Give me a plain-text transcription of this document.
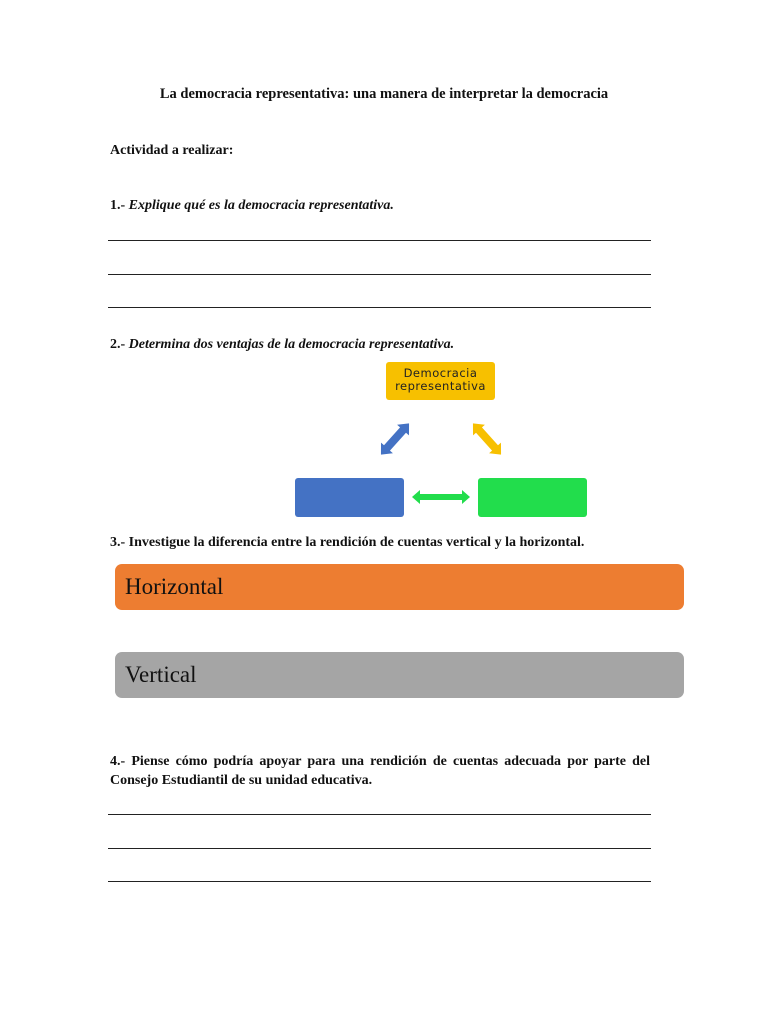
La democracia representativa: una manera de interpretar la democracia
Actividad a realizar:
1.- Explique qué es la democracia representativa.
2.- Determina dos ventajas de la democracia representativa.
Democracia
representativa
3.- Investigue la diferencia entre la rendición de cuentas vertical y la horizontal.
Horizontal
Vertical
4.- Piense cómo podría apoyar para una rendición de cuentas adecuada por parte del Consejo Estudiantil de su unidad educativa.
